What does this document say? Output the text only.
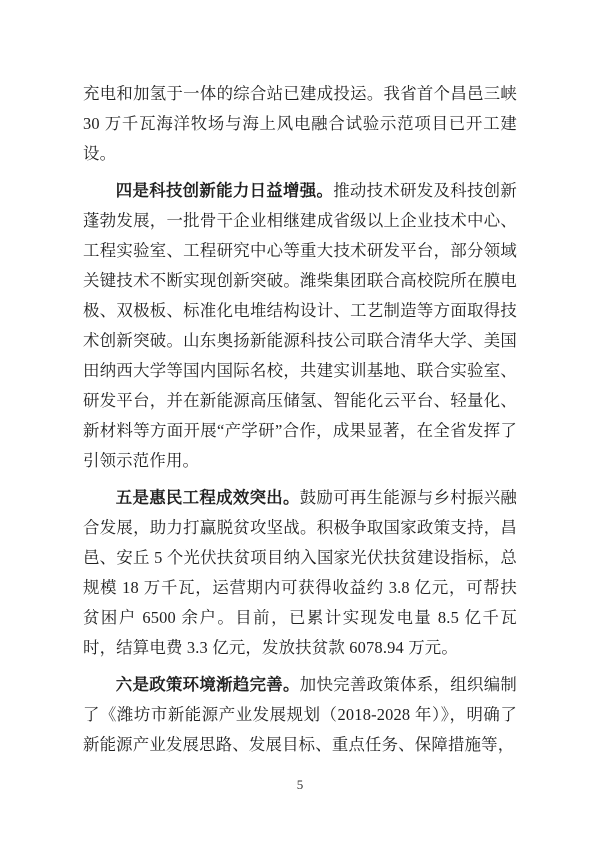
充电和加氢于一体的综合站已建成投运。我省首个昌邑三峡 30 万千瓦海洋牧场与海上风电融合试验示范项目已开工建设。

四是科技创新能力日益增强。推动技术研发及科技创新蓬勃发展，一批骨干企业相继建成省级以上企业技术中心、工程实验室、工程研究中心等重大技术研发平台，部分领域关键技术不断实现创新突破。潍柴集团联合高校院所在膜电极、双极板、标准化电堆结构设计、工艺制造等方面取得技术创新突破。山东奥扬新能源科技公司联合清华大学、美国田纳西大学等国内国际名校，共建实训基地、联合实验室、研发平台，并在新能源高压储氢、智能化云平台、轻量化、新材料等方面开展“产学研”合作，成果显著，在全省发挥了引领示范作用。

五是惠民工程成效突出。鼓励可再生能源与乡村振兴融合发展，助力打赢脱贫攻坚战。积极争取国家政策支持，昌邑、安丘 5 个光伏扶贫项目纳入国家光伏扶贫建设指标，总规模 18 万千瓦，运营期内可获得收益约 3.8 亿元，可帮扶贫困户 6500 余户。目前，已累计实现发电量 8.5 亿千瓦时，结算电费 3.3 亿元，发放扶贫款 6078.94 万元。

六是政策环境渐趋完善。加快完善政策体系，组织编制了《潍坊市新能源产业发展规划（2018-2028 年）》，明确了新能源产业发展思路、发展目标、重点任务、保障措施等，

5
